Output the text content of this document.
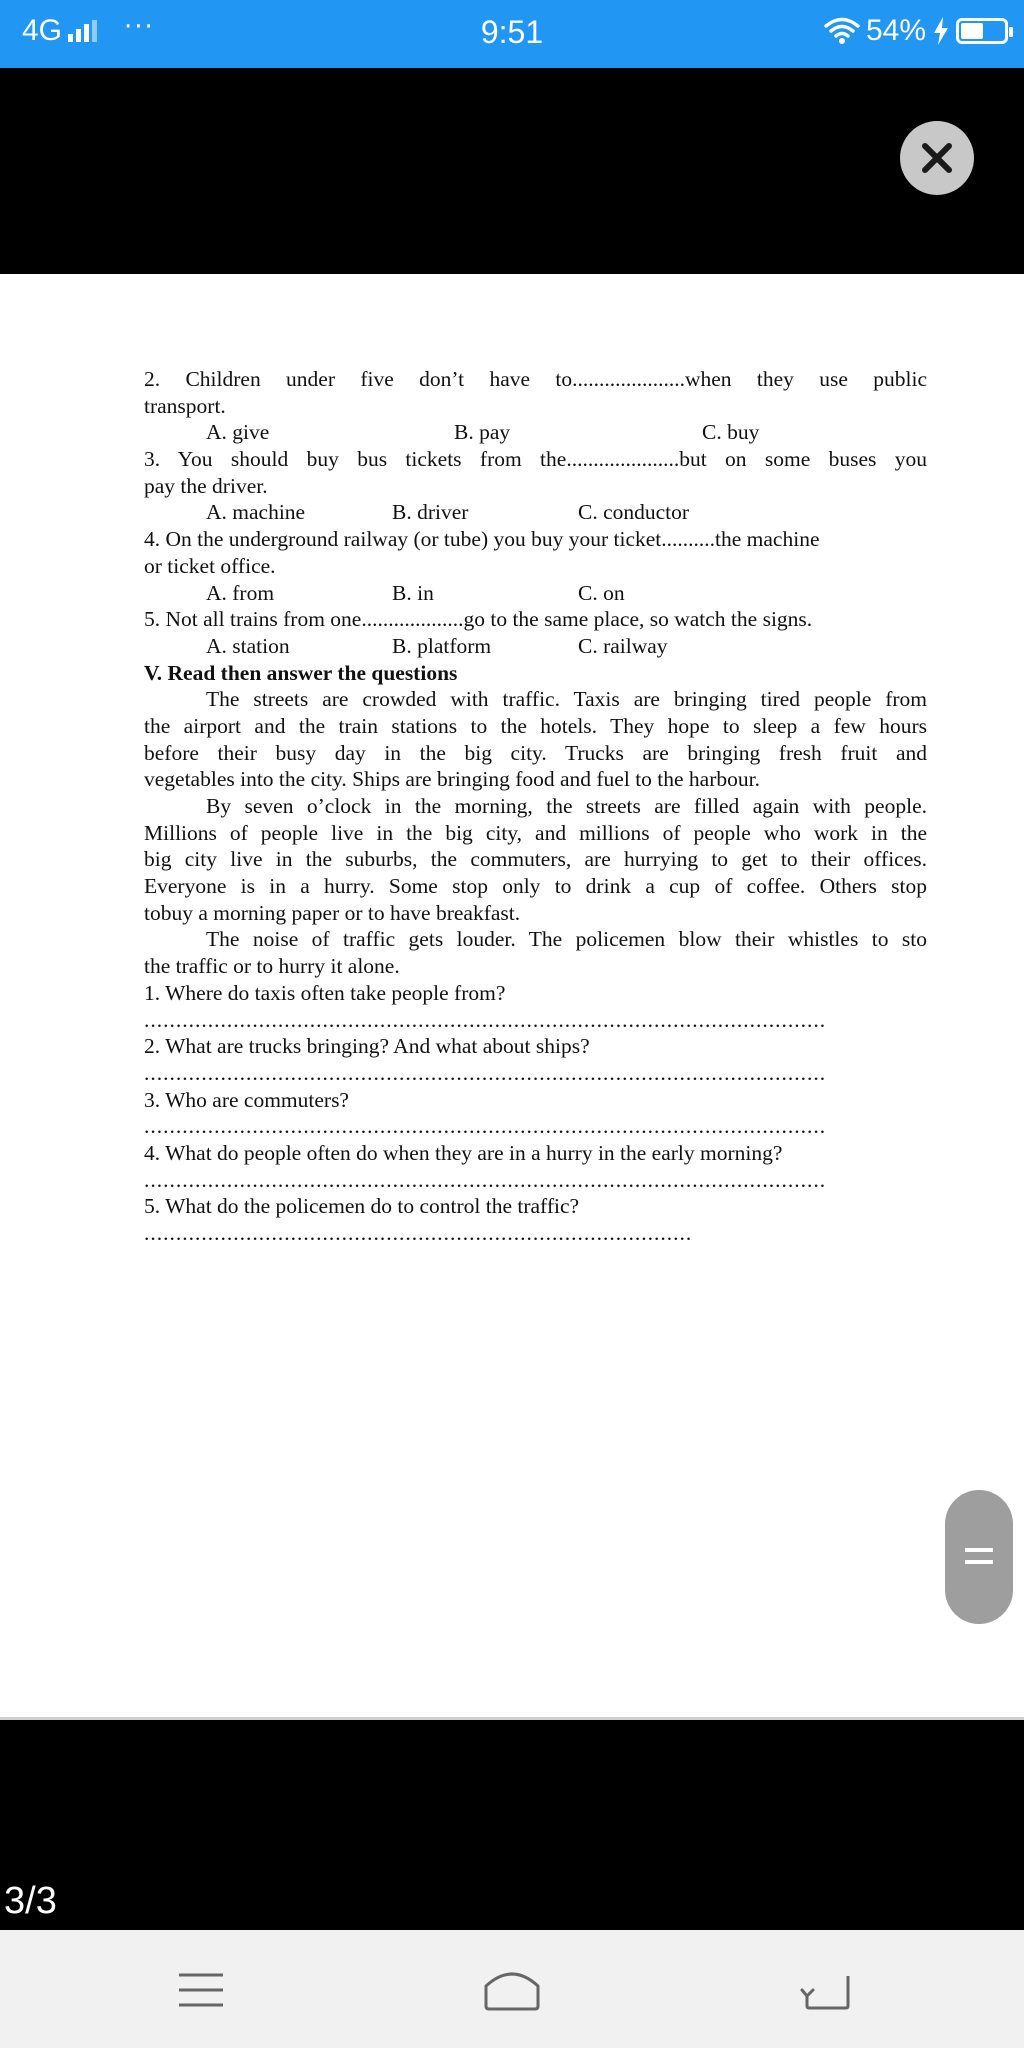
4G ···	9:51	54%
2. Children under five don’t have to.....................when they use public
transport.
A. give	B. pay	C. buy
3. You should buy bus tickets from the.....................but on some buses you
pay the driver.
A. machine	B. driver	C. conductor
4. On the underground railway (or tube) you buy your ticket..........the machine
or ticket office.
A. from	B. in	C. on
5. Not all trains from one...................go to the same place, so watch the signs.
A. station	B. platform	C. railway
V. Read then answer the questions
The streets are crowded with traffic. Taxis are bringing tired people from
the airport and the train stations to the hotels. They hope to sleep a few hours
before their busy day in the big city. Trucks are bringing fresh fruit and
vegetables into the city. Ships are bringing food and fuel to the harbour.
By seven o’clock in the morning, the streets are filled again with people.
Millions of people live in the big city, and millions of people who work in the
big city live in the suburbs, the commuters, are hurrying to get to their offices.
Everyone is in a hurry. Some stop only to drink a cup of coffee. Others stop
tobuy a morning paper or to have breakfast.
The noise of traffic gets louder. The policemen blow their whistles to sto
the traffic or to hurry it alone.
1. Where do taxis often take people from?
...........................................................................................................
2. What are trucks bringing? And what about ships?
...........................................................................................................
3. Who are commuters?
...........................................................................................................
4. What do people often do when they are in a hurry in the early morning?
...........................................................................................................
5. What do the policemen do to control the traffic?
......................................................................................
3/3
